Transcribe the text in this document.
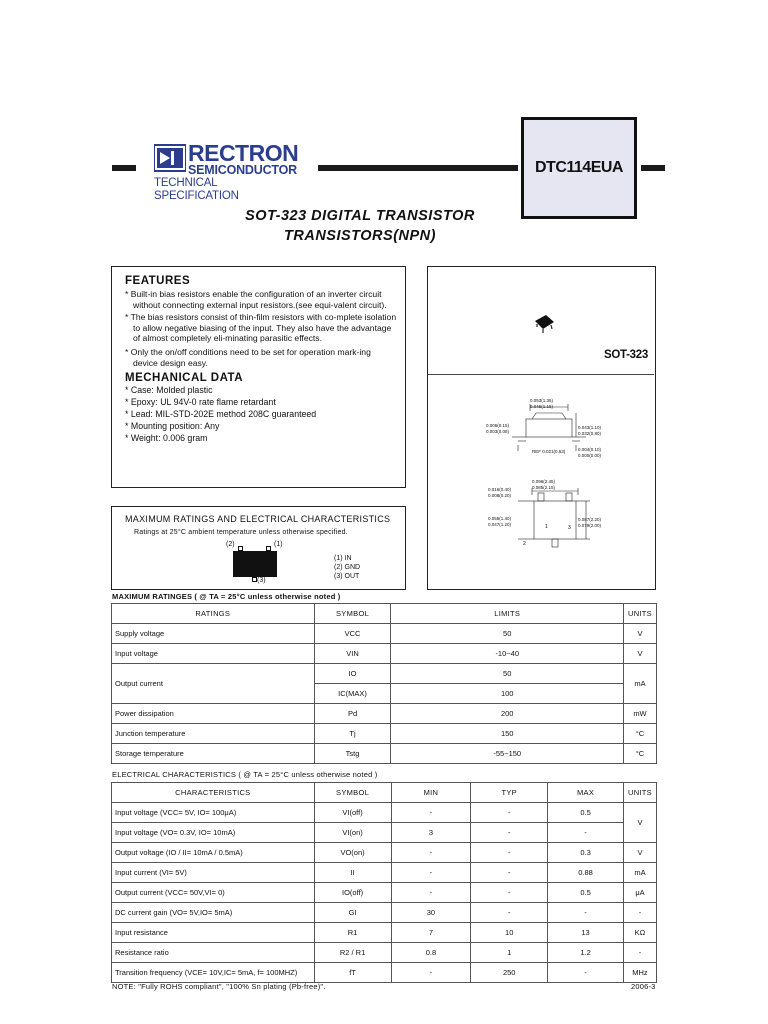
RECTRON
SEMICONDUCTOR
TECHNICAL SPECIFICATION
DTC114EUA
SOT-323 DIGITAL TRANSISTOR
TRANSISTORS(NPN)
FEATURES

* Built-in bias resistors enable the configuration of an inverter circuit without connecting external input resistors.(see equi-valent circuit).

* The bias resistors consist of thin-film resistors with co-mplete isolation to allow negative biasing of the input. They also have the advantage of almost completely eli-minating parasitic effects.

* Only the on/off conditions need to be set for operation mark-ing device design easy.

MECHANICAL DATA

* Case: Molded plastic

* Epoxy: UL 94V-0 rate flame retardant

* Lead: MIL-STD-202E method 208C guaranteed

* Mounting position: Any

* Weight: 0.006 gram

SOT-323
0.053(1.35)
0.045(1.15)
0.006(0.15)
0.003(0.08)
0.043(1.10)
0.032(0.80)
REF 0.021(0.53)	0.004(0.10)
0.000(0.00)
0.096(2.45)
0.085(2.15)
0.016(0.40)
0.008(0.20)
0.055(1.40)
0.047(1.20)
0.087(2.20)
0.079(2.00)
1
2
3
MAXIMUM RATINGS AND ELECTRICAL CHARACTERISTICS
Ratings at 25°C ambient temperature unless otherwise specified.
(2)	(1)
(3)
(1) IN
(2) GND
(3) OUT
MAXIMUM RATINGES ( @ TA = 25°C unless otherwise noted )
RATINGS	SYMBOL	LIMITS	UNITS
Supply voltage	VCC	50	V
Input voltage	VIN	-10~40	V
Output current	IO	50	mA
	IC(MAX)	100	
Power dissipation	Pd	200	mW
Junction temperature	Tj	150	°C
Storage temperature	Tstg	-55~150	°C
ELECTRICAL CHARACTERISTICS ( @ TA = 25°C unless otherwise noted )
CHARACTERISTICS	SYMBOL	MIN	TYP	MAX	UNITS
Input voltage (VCC= 5V, IO= 100μA)	VI(off)	-	-	0.5	V
Input voltage (VO= 0.3V, IO= 10mA)	VI(on)	3	-	-	
Output voltage (IO / II= 10mA / 0.5mA)	VO(on)	-	-	0.3	V
Input current (VI= 5V)	II	-	-	0.88	mA
Output current (VCC= 50V,VI= 0)	IO(off)	-	-	0.5	μA
DC current gain (VO= 5V,IO= 5mA)	GI	30	-	-	-
Input resistance	R1	7	10	13	KΩ
Resistance ratio	R2 / R1	0.8	1	1.2	-
Transition frequency (VCE= 10V,IC= 5mA, f= 100MHZ)	fT	-	250	-	MHz
NOTE: "Fully ROHS compliant", "100% Sn plating (Pb-free)".	2006-3
